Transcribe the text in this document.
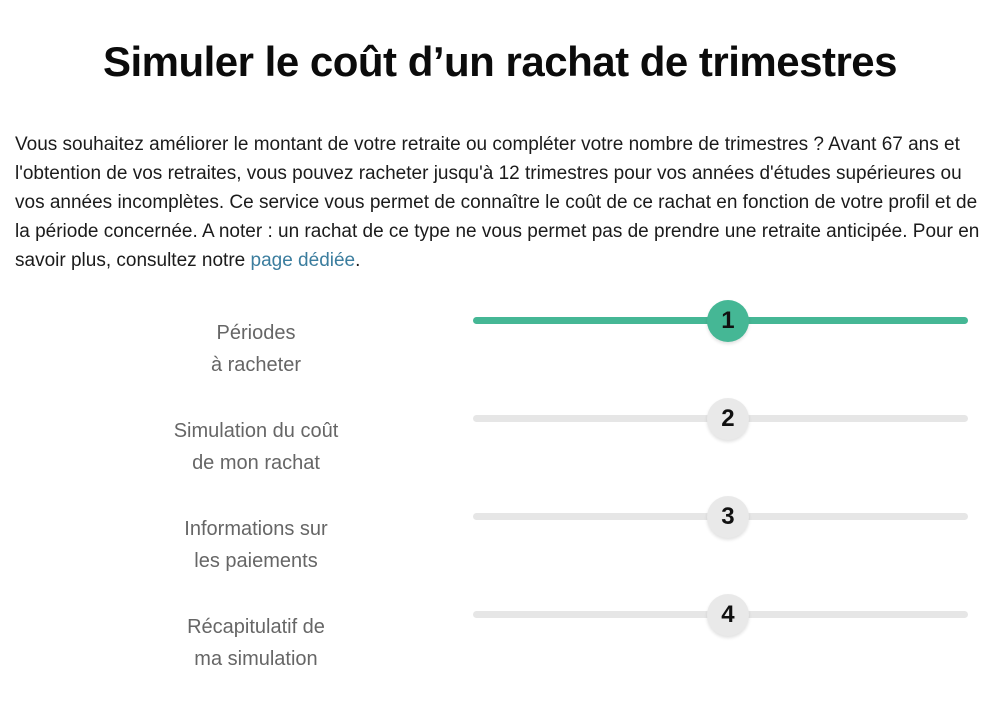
Simuler le coût d’un rachat de trimestres

Vous souhaitez améliorer le montant de votre retraite ou compléter votre nombre de trimestres ? Avant 67 ans et l'obtention de vos retraites, vous pouvez racheter jusqu'à 12 trimestres pour vos années d'études supérieures ou vos années incomplètes. Ce service vous permet de connaître le coût de ce rachat en fonction de votre profil et de la période concernée. A noter : un rachat de ce type ne vous permet pas de prendre une retraite anticipée. Pour en savoir plus, consultez notre page dédiée.

Périodes
à racheter
1
Simulation du coût
de mon rachat
2
Informations sur
les paiements
3
Récapitulatif de
ma simulation
4
